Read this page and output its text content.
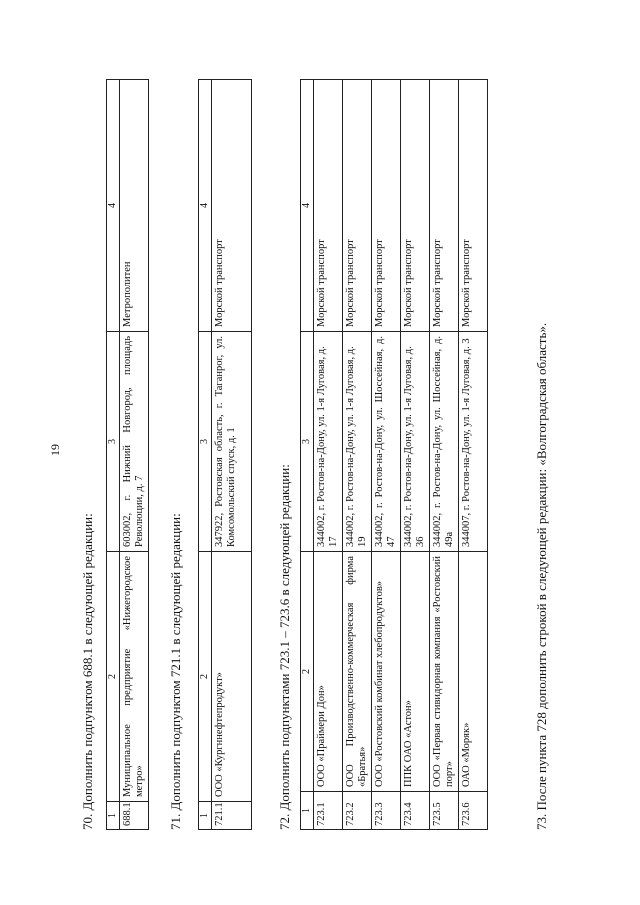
19
70. Дополнить подпунктом 688.1 в следующей редакции: 1	2	3	4
688.1	Муниципальное предприятие «Нижегородское метро»	603002, г. Нижний Новгород, площадь Революции, д. 7	Метрополитен
71. Дополнить подпунктом 721.1 в следующей редакции: 1	2	3	4
721.1	ООО «Кургннефтепродукт»	347922, Ростовская область, г. Таганрог, ул. Комсомольский спуск, д. 1	Морской транспорт
72. Дополнить подпунктами 723.1 – 723.6 в следующей редакции: 1	2	3	4
723.1	ООО «Праймери Дон»	344002, г. Ростов-на-Дону, ул. 1-я Луговая, д. 17	Морской транспорт
723.2	ООО Производственно-коммерческая фирма «Братья»	344002, г. Ростов-на-Дону, ул. 1-я Луговая, д. 19	Морской транспорт
723.3	ООО «Ростовский комбинат хлебопродуктов»	344002, г. Ростов-на-Дону, ул. Шоссейная, д. 47	Морской транспорт
723.4	ППК ОАО «Астон»	344002, г. Ростов-на-Дону, ул. 1-я Луговая, д. 36	Морской транспорт
723.5	ООО «Первая стивидорная компания «Ростовский порт»	344002, г. Ростов-на-Дону, ул. Шоссейная, д. 49а	Морской транспорт
723.6	ОАО «Моряк»	344007, г. Ростов-на-Дону, ул. 1-я Луговая, д. 3	Морской транспорт
73. После пункта 728 дополнить строкой в следующей редакции: «Волгоградская область».
